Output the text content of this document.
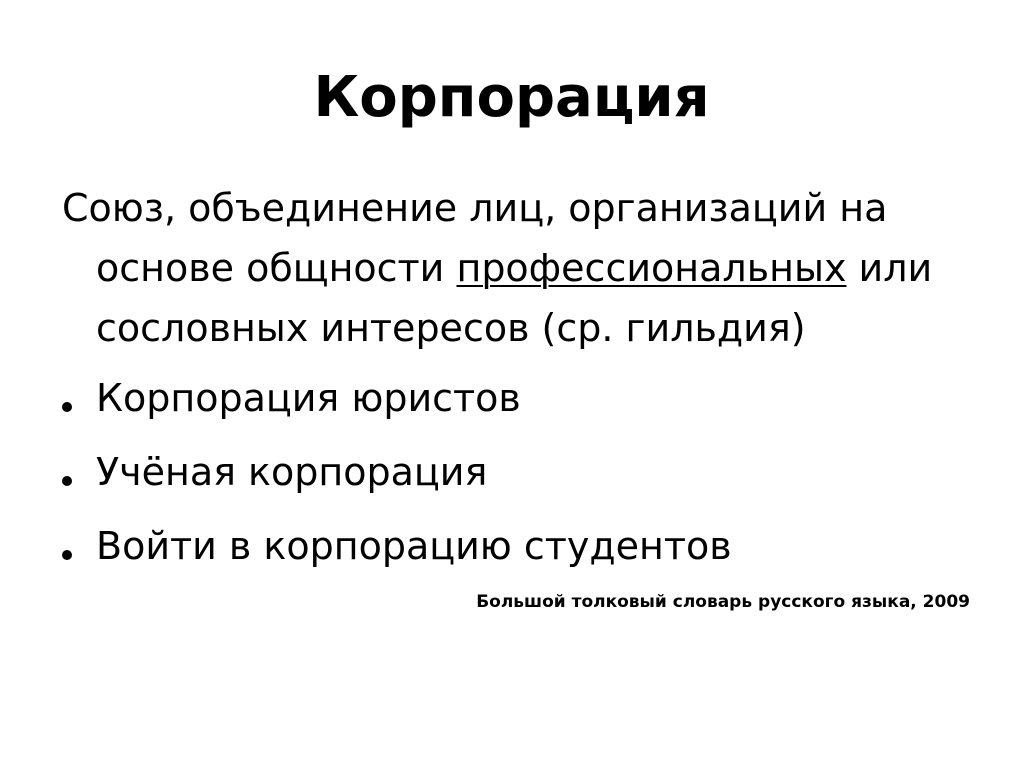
Корпорация

Союз, объединение лиц, организаций на основе общности профессиональных или сословных интересов (ср. гильдия)

Корпорация юристов
Учёная корпорация
Войти в корпорацию студентов
Большой толковый словарь русского языка, 2009
